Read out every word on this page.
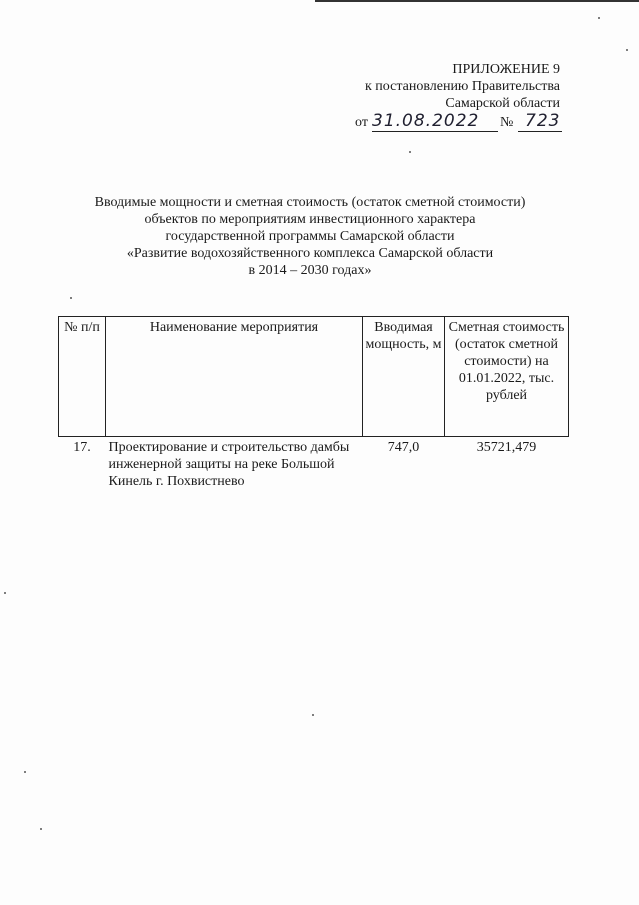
ПРИЛОЖЕНИЕ 9
к постановлению Правительства
Самарской области
от 31.08.2022 № 723
Вводимые мощности и сметная стоимость (остаток сметной стоимости)
объектов по мероприятиям инвестиционного характера
государственной программы Самарской области
«Развитие водохозяйственного комплекса Самарской области
в 2014 – 2030 годах»
№ п/п	Наименование мероприятия	Вводимая мощность, м	Сметная стоимость (остаток сметной стоимости) на 01.01.2022, тыс. рублей
17.	Проектирование и строительство дамбы инженерной защиты на реке Большой Кинель г. Похвистнево	747,0	35721,479
